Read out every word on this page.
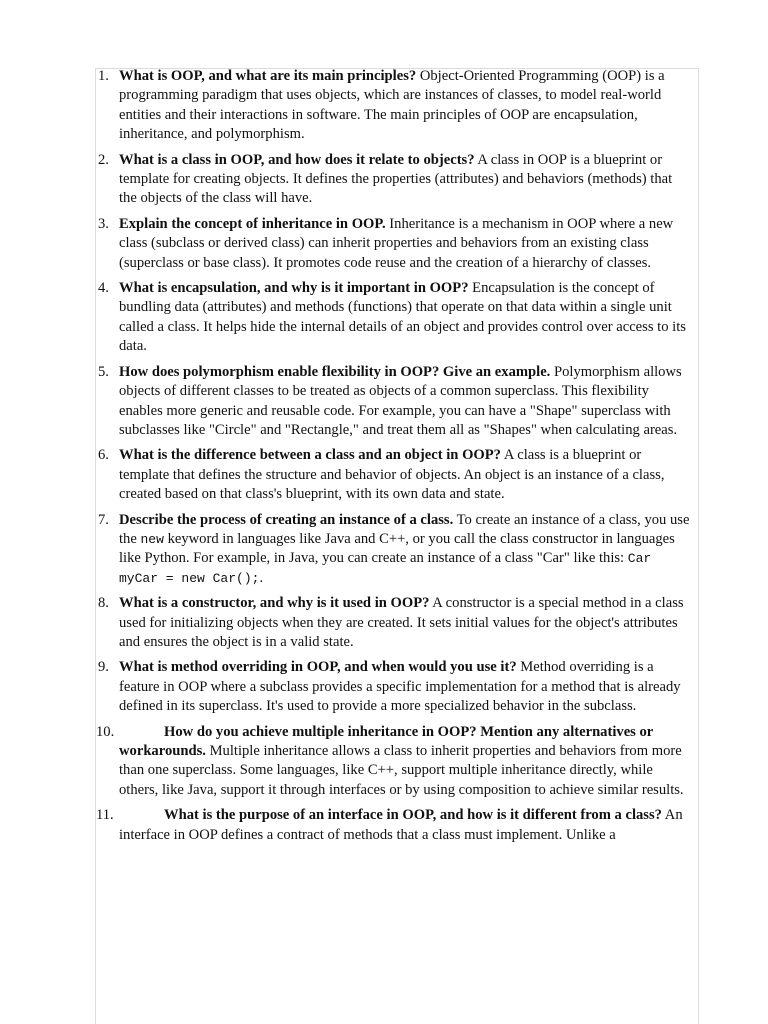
1. What is OOP, and what are its main principles? Object-Oriented Programming (OOP) is a programming paradigm that uses objects, which are instances of classes, to model real-world entities and their interactions in software. The main principles of OOP are encapsulation, inheritance, and polymorphism.
2. What is a class in OOP, and how does it relate to objects? A class in OOP is a blueprint or template for creating objects. It defines the properties (attributes) and behaviors (methods) that the objects of the class will have.
3. Explain the concept of inheritance in OOP. Inheritance is a mechanism in OOP where a new class (subclass or derived class) can inherit properties and behaviors from an existing class (superclass or base class). It promotes code reuse and the creation of a hierarchy of classes.
4. What is encapsulation, and why is it important in OOP? Encapsulation is the concept of bundling data (attributes) and methods (functions) that operate on that data within a single unit called a class. It helps hide the internal details of an object and provides control over access to its data.
5. How does polymorphism enable flexibility in OOP? Give an example. Polymorphism allows objects of different classes to be treated as objects of a common superclass. This flexibility enables more generic and reusable code. For example, you can have a "Shape" superclass with subclasses like "Circle" and "Rectangle," and treat them all as "Shapes" when calculating areas.
6. What is the difference between a class and an object in OOP? A class is a blueprint or template that defines the structure and behavior of objects. An object is an instance of a class, created based on that class's blueprint, with its own data and state.
7. Describe the process of creating an instance of a class. To create an instance of a class, you use the new keyword in languages like Java and C++, or you call the class constructor in languages like Python. For example, in Java, you can create an instance of a class "Car" like this: Car myCar = new Car();.
8. What is a constructor, and why is it used in OOP? A constructor is a special method in a class used for initializing objects when they are created. It sets initial values for the object's attributes and ensures the object is in a valid state.
9. What is method overriding in OOP, and when would you use it? Method overriding is a feature in OOP where a subclass provides a specific implementation for a method that is already defined in its superclass. It's used to provide a more specialized behavior in the subclass.
10.	How do you achieve multiple inheritance in OOP? Mention any alternatives or workarounds. Multiple inheritance allows a class to inherit properties and behaviors from more than one superclass. Some languages, like C++, support multiple inheritance directly, while others, like Java, support it through interfaces or by using composition to achieve similar results.
11.	What is the purpose of an interface in OOP, and how is it different from a class? An interface in OOP defines a contract of methods that a class must implement. Unlike a
